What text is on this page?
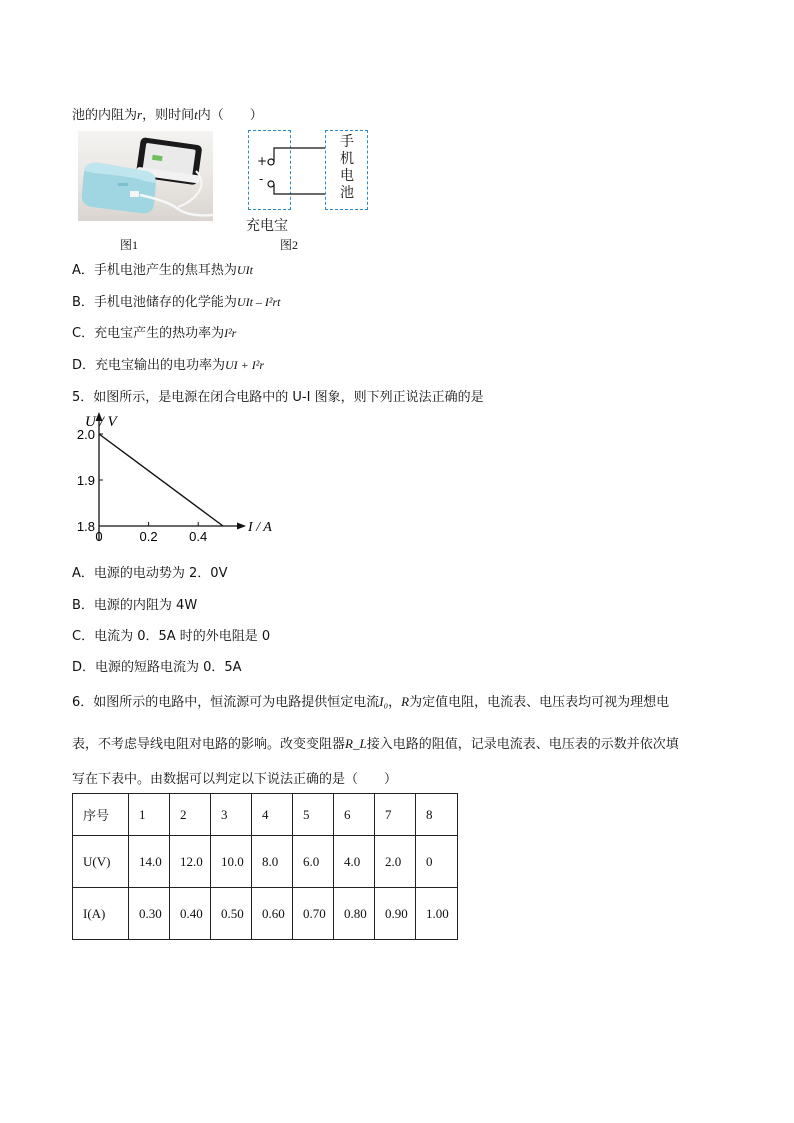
池的内阻为r，则时间t内（　　）
图1
+
-
充电宝
手
机
电
池
图2
A．手机电池产生的焦耳热为UIt
B．手机电池储存的化学能为UIt – I²rt
C．充电宝产生的热功率为I²r
D．充电宝输出的电功率为UI + I²r
5．如图所示，是电源在闭合电路中的 U-I 图象，则下列正说法正确的是
U / V
I / A
2.0
1.9
1.8
0	0.2 0.4
A．电源的电动势为 2．0V
B．电源的内阻为 4W
C．电流为 0．5A 时的外电阻是 0
D．电源的短路电流为 0．5A
6．如图所示的电路中，恒流源可为电路提供恒定电流I₀，R为定值电阻，电流表、电压表均可视为理想电
表，不考虑导线电阻对电路的影响。改变变阻器R_L接入电路的阻值，记录电流表、电压表的示数并依次填
写在下表中。由数据可以判定以下说法正确的是（　　）
序号	1	2	3	4	5	6	7	8
U(V)	14.0	12.0	10.0	8.0	6.0	4.0	2.0	0
I(A)	0.30	0.40	0.50	0.60	0.70	0.80	0.90	1.00
